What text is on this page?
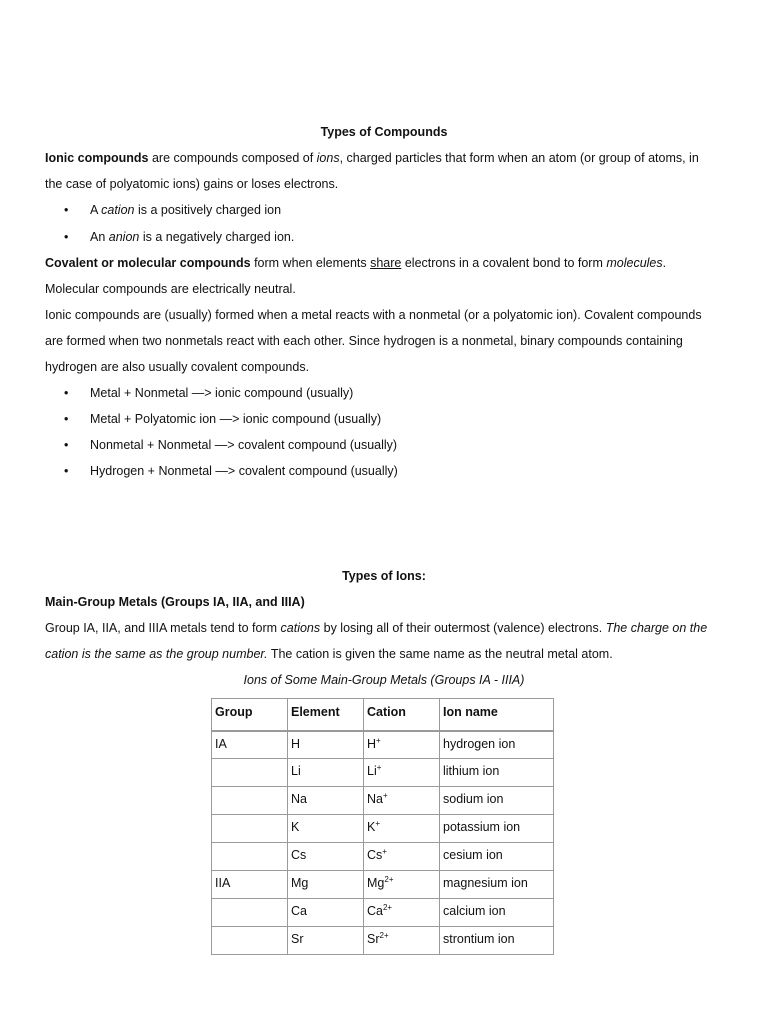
Types of Compounds
Ionic compounds are compounds composed of ions, charged particles that form when an atom (or group of atoms, in
the case of polyatomic ions) gains or loses electrons.
• A cation is a positively charged ion
• An anion is a negatively charged ion.
Covalent or molecular compounds form when elements share electrons in a covalent bond to form molecules.
Molecular compounds are electrically neutral.
Ionic compounds are (usually) formed when a metal reacts with a nonmetal (or a polyatomic ion). Covalent compounds
are formed when two nonmetals react with each other. Since hydrogen is a nonmetal, binary compounds containing
hydrogen are also usually covalent compounds.
• Metal + Nonmetal —> ionic compound (usually)
• Metal + Polyatomic ion —> ionic compound (usually)
• Nonmetal + Nonmetal —> covalent compound (usually)
• Hydrogen + Nonmetal —> covalent compound (usually)
Types of Ions:
Main-Group Metals (Groups IA, IIA, and IIIA)
Group IA, IIA, and IIIA metals tend to form cations by losing all of their outermost (valence) electrons. The charge on the
cation is the same as the group number. The cation is given the same name as the neutral metal atom.
Ions of Some Main-Group Metals (Groups IA - IIIA)
Group	Element	Cation	Ion name
IA	H	H+	hydrogen ion
	Li	Li+	lithium ion
	Na	Na+	sodium ion
	K	K+	potassium ion
	Cs	Cs+	cesium ion
IIA	Mg	$Mg^{2+}$	magnesium ion
	Ca	$Ca^{2+}$	calcium ion
	Sr	$Sr^{2+}$	strontium ion
